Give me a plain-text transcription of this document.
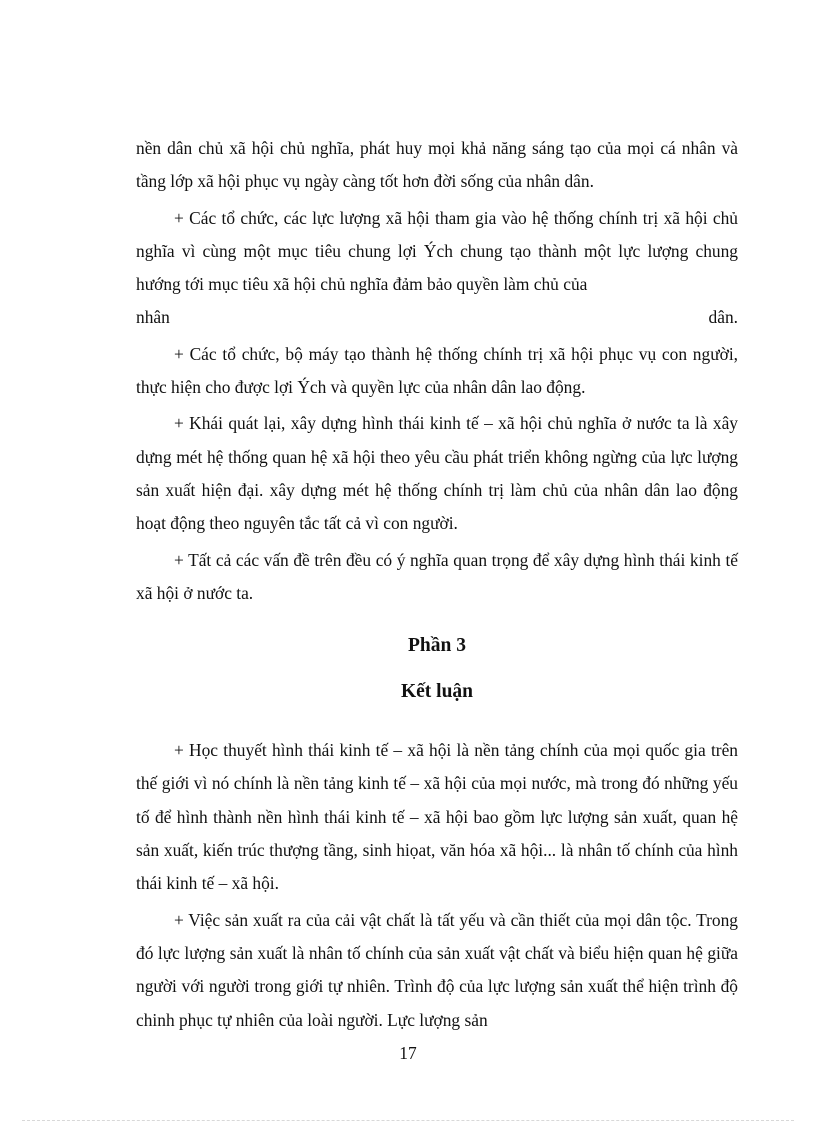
nền dân chủ xã hội chủ nghĩa, phát huy mọi khả năng sáng tạo của mọi cá nhân và tầng lớp xã hội phục vụ ngày càng tốt hơn đời sống của nhân dân.

+ Các tổ chức, các lực lượng xã hội tham gia vào hệ thống chính trị xã hội chủ nghĩa vì cùng một mục tiêu chung lợi Ých chung tạo thành một lực lượng chung hướng tới mục tiêu xã hội chủ nghĩa đảm bảo quyền làm chủ của

nhân	dân.

+ Các tổ chức, bộ máy tạo thành hệ thống chính trị xã hội phục vụ con người, thực hiện cho được lợi Ých và quyền lực của nhân dân lao động.

+ Khái quát lại, xây dựng hình thái kinh tế – xã hội chủ nghĩa ở nước ta là xây dựng mét hệ thống quan hệ xã hội theo yêu cầu phát triển không ngừng của lực lượng sản xuất hiện đại. xây dựng mét hệ thống chính trị làm chủ của nhân dân lao động hoạt động theo nguyên tắc tất cả vì con người.

+ Tất cả các vấn đề trên đều có ý nghĩa quan trọng để xây dựng hình thái kinh tế xã hội ở nước ta.

Phần 3
Kết luận

+ Học thuyết hình thái kinh tế – xã hội là nền tảng chính của mọi quốc gia trên thế giới vì nó chính là nền tảng kinh tế – xã hội của mọi nước, mà trong đó những yếu tố để hình thành nền hình thái kinh tế – xã hội bao gồm lực lượng sản xuất, quan hệ sản xuất, kiến trúc thượng tầng, sinh hiọat, văn hóa xã hội... là nhân tố chính của hình thái kinh tế – xã hội.

+ Việc sản xuất ra của cải vật chất là tất yếu và cần thiết của mọi dân tộc. Trong đó lực lượng sản xuất là nhân tố chính của sản xuất vật chất và biểu hiện quan hệ giữa người với người trong giới tự nhiên. Trình độ của lực lượng sản xuất thể hiện trình độ chinh phục tự nhiên của loài người. Lực lượng sản

17
